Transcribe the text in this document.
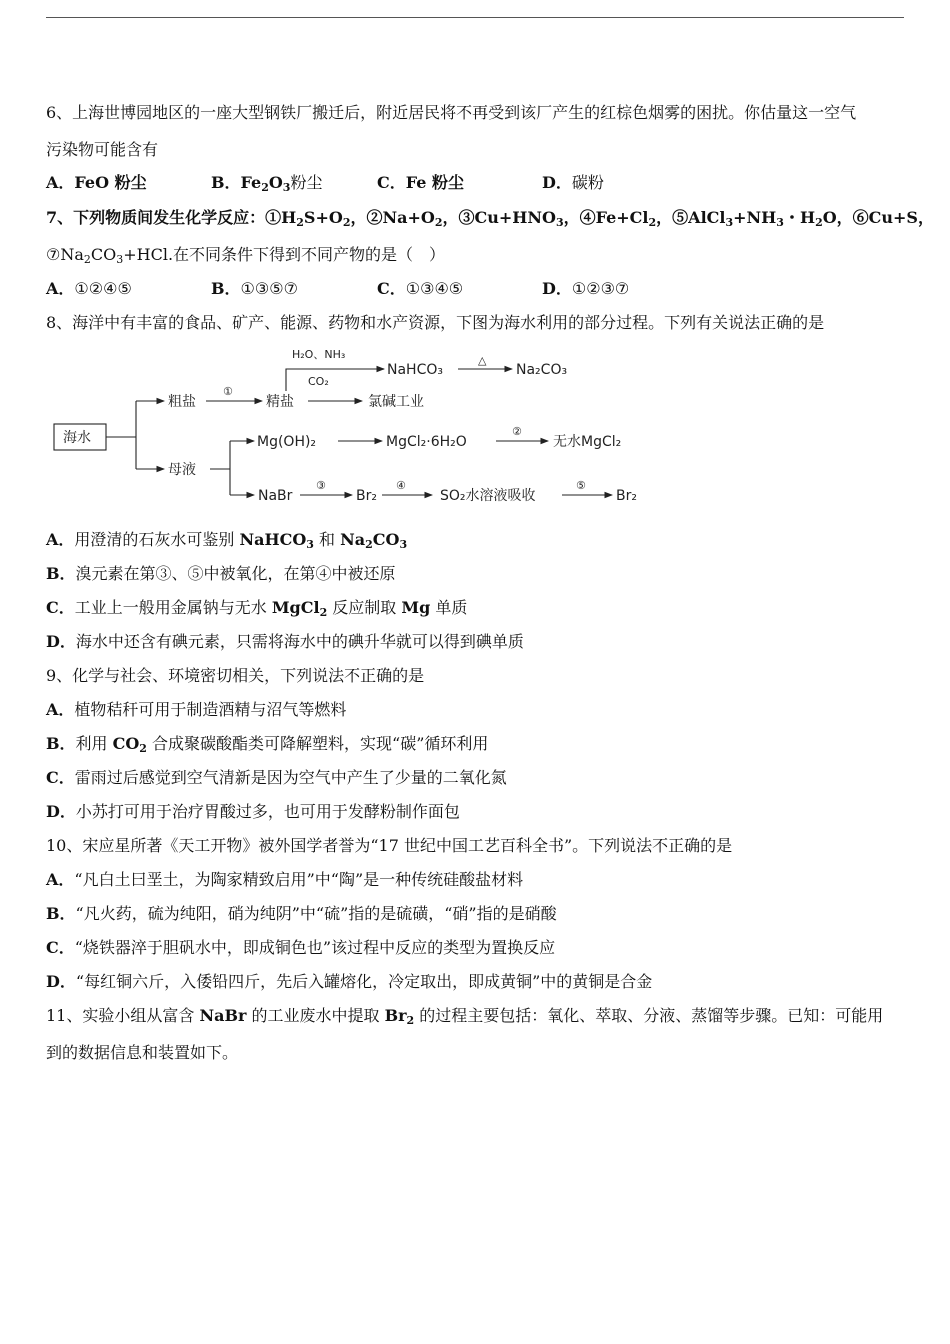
6、上海世博园地区的一座大型钢铁厂搬迁后，附近居民将不再受到该厂产生的红棕色烟雾的困扰。你估量这一空气
污染物可能含有
A．FeO 粉尘	B．$Fe_2O_3$粉尘	C．Fe 粉尘	D．碳粉
7、下列物质间发生化学反应：$①H_2S+O_2$，$②Na+O_2$，$③Cu+HNO_3$，$④Fe+Cl_2$，$⑤AlCl_3+NH_3$・$H_2O$，⑥Cu+S，
$⑦Na_2CO_3+HCl$.在不同条件下得到不同产物的是（　）
A．①②④⑤	B．①③⑤⑦	C．①③④⑤	D．①②③⑦
8、海洋中有丰富的食品、矿产、能源、药物和水产资源，下图为海水利用的部分过程。下列有关说法正确的是
海水
粗盐
母液
①
精盐
H₂O、NH₃
CO₂
NaHCO₃
△
Na₂CO₃
氯碱工业
Mg(OH)₂	MgCl₂·6H₂O
②
无水MgCl₂
NaBr
③
Br₂
④
SO₂水溶液吸收
⑤
Br₂
A．用澄清的石灰水可鉴别 NaHCO$_3$ 和 $Na_2CO_3$
B．溴元素在第③、⑤中被氧化，在第④中被还原
C．工业上一般用金属钠与无水 MgCl$_2$ 反应制取 Mg 单质
D．海水中还含有碘元素，只需将海水中的碘升华就可以得到碘单质
9、化学与社会、环境密切相关，下列说法不正确的是
A．植物秸秆可用于制造酒精与沼气等燃料
B．利用 $CO_2$ 合成聚碳酸酯类可降解塑料，实现“碳”循环利用
C．雷雨过后感觉到空气清新是因为空气中产生了少量的二氧化氮
D．小苏打可用于治疗胃酸过多，也可用于发酵粉制作面包
10、宋应星所著《天工开物》被外国学者誉为“17 世纪中国工艺百科全书”。下列说法不正确的是
A．“凡白土曰垩土，为陶家精致启用”中“陶”是一种传统硅酸盐材料
B．“凡火药，硫为纯阳，硝为纯阴”中“硫”指的是硫磺，“硝”指的是硝酸
C．“烧铁器淬于胆矾水中，即成铜色也”该过程中反应的类型为置换反应
D．“每红铜六斤，入倭铅四斤，先后入罐熔化，冷定取出，即成黄铜”中的黄铜是合金
11、实验小组从富含 NaBr 的工业废水中提取 $Br_2$ 的过程主要包括：氧化、萃取、分液、蒸馏等步骤。已知：可能用
到的数据信息和装置如下。
